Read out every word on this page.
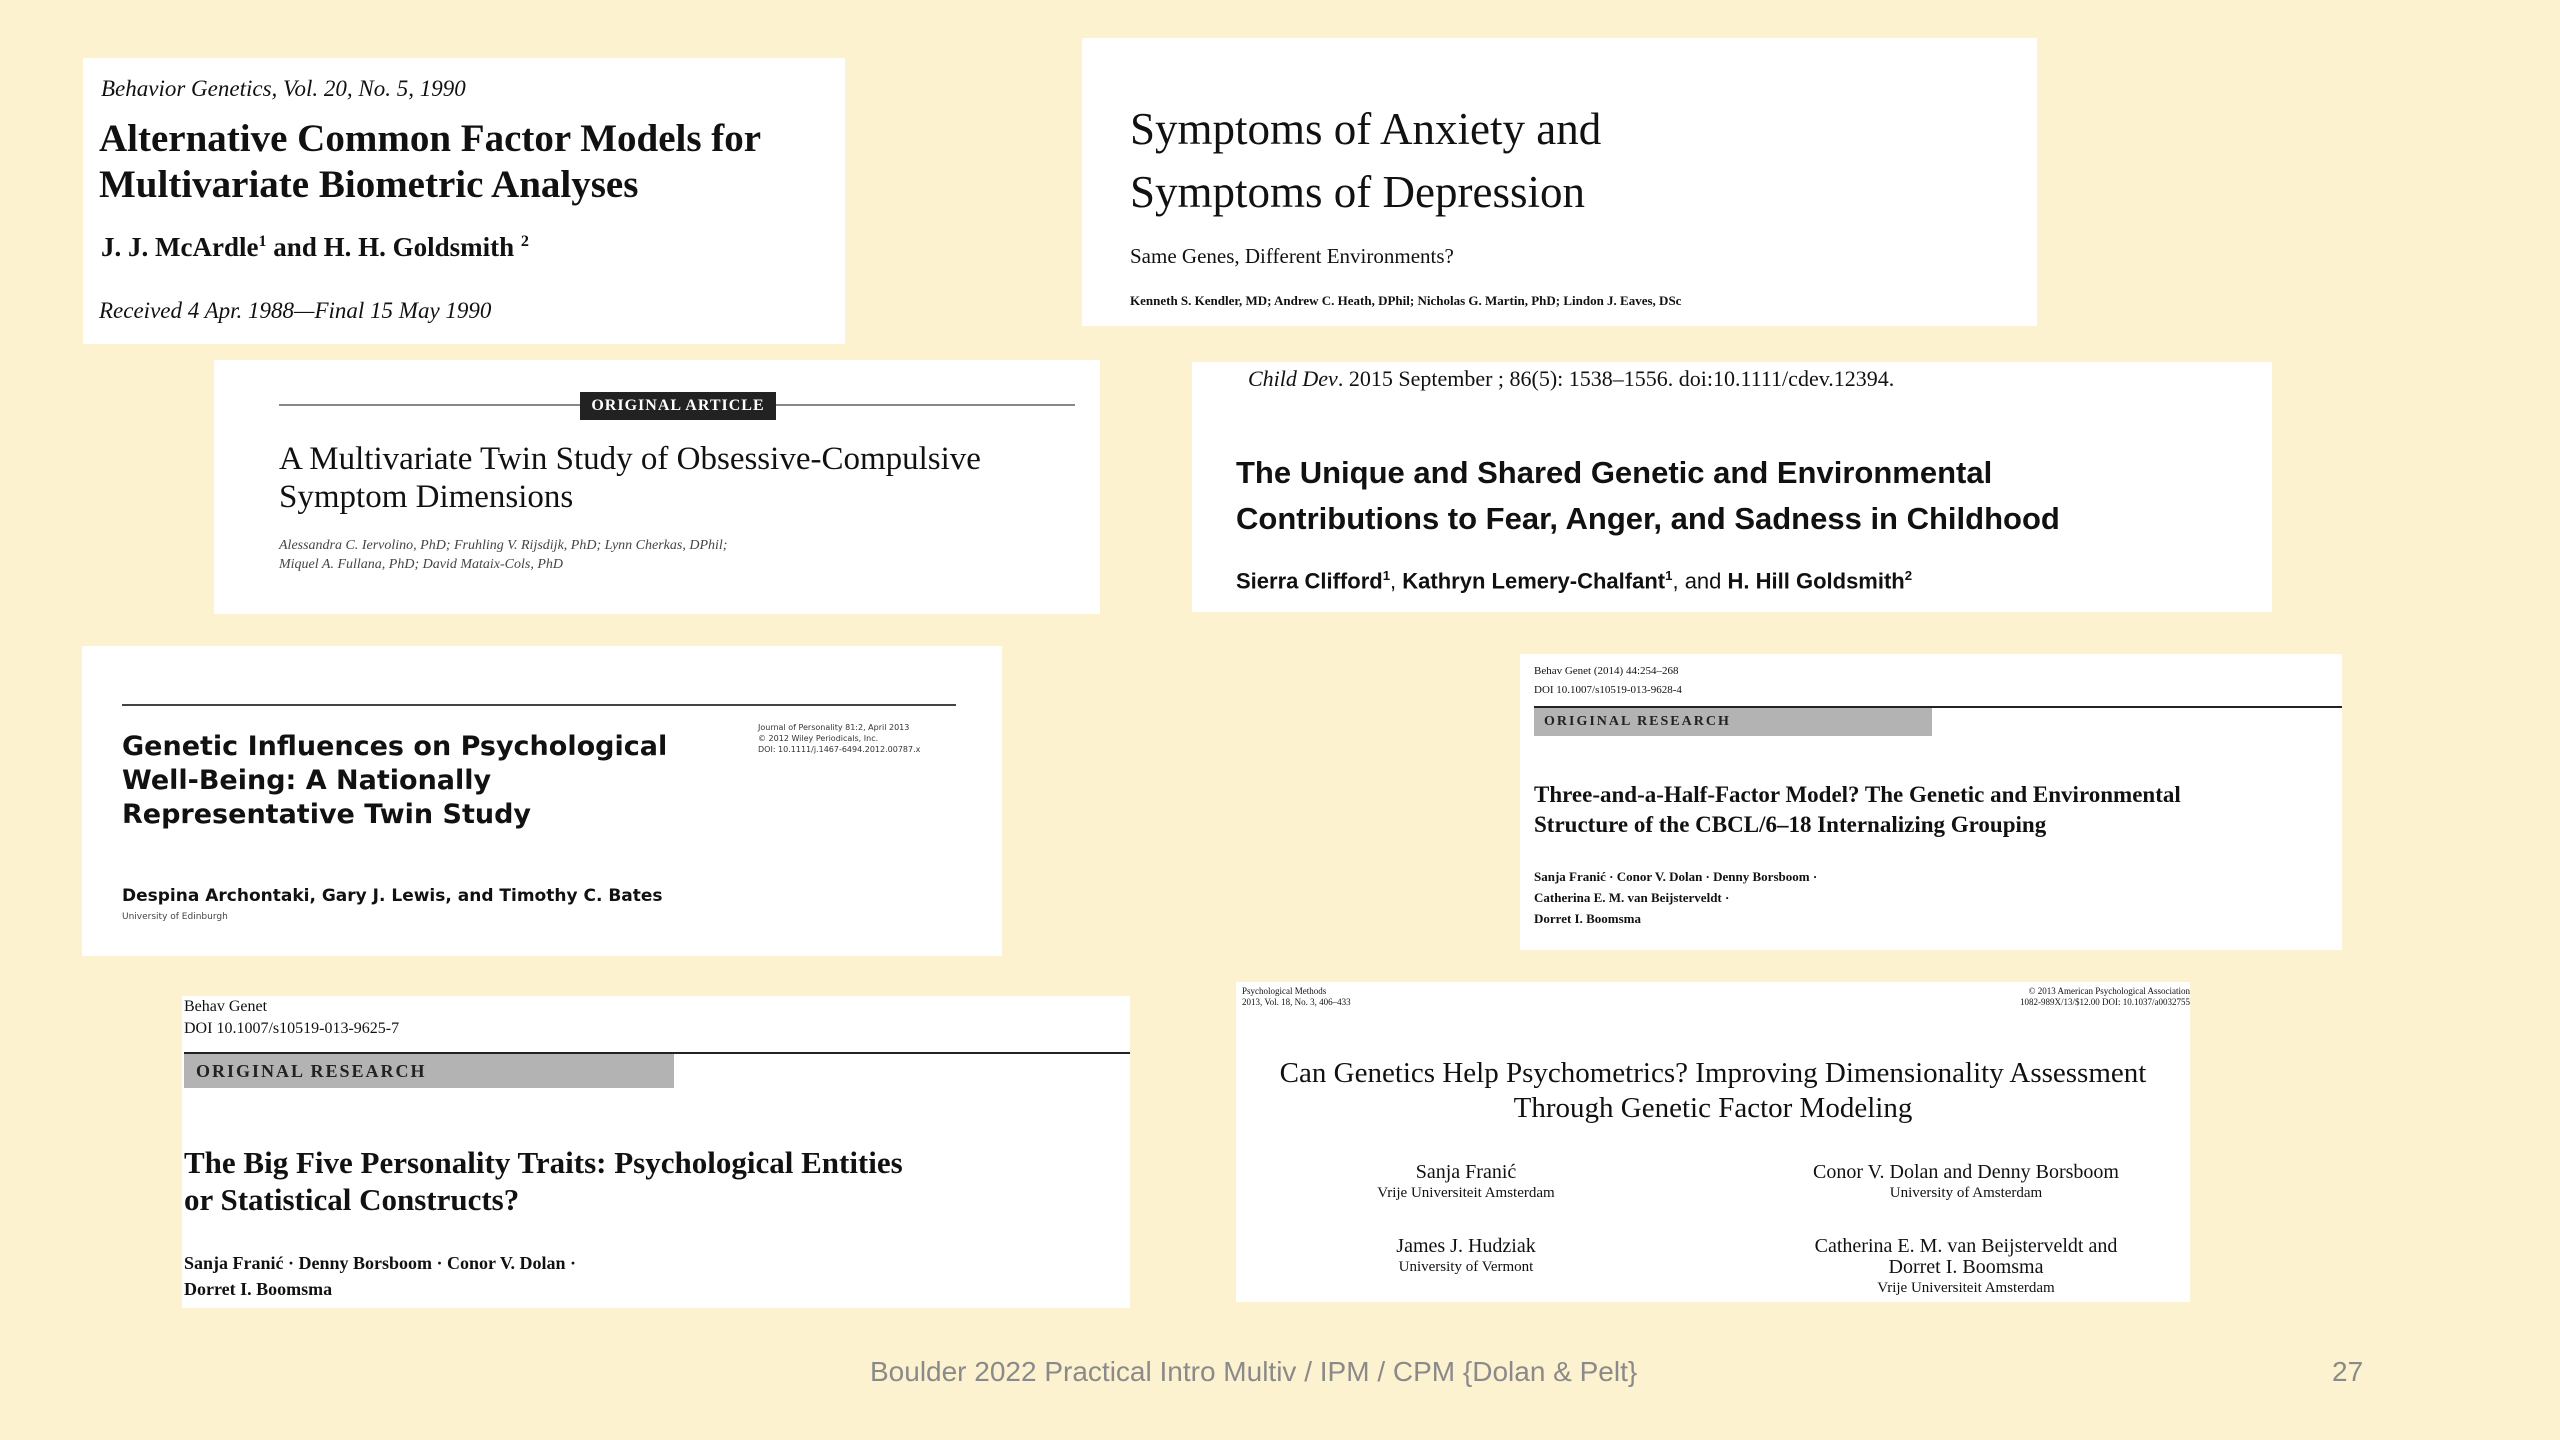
Behavior Genetics, Vol. 20, No. 5, 1990
Alternative Common Factor Models for
Multivariate Biometric Analyses
J. J. McArdle$^1$ and H. H. Goldsmith $^2$
Received 4 Apr. 1988—Final 15 May 1990
Symptoms of Anxiety and
Symptoms of Depression
Same Genes, Different Environments?
Kenneth S. Kendler, MD; Andrew C. Heath, DPhil; Nicholas G. Martin, PhD; Lindon J. Eaves, DSc
ORIGINAL ARTICLE
A Multivariate Twin Study of Obsessive-Compulsive
Symptom Dimensions
Alessandra C. Iervolino, PhD; Fruhling V. Rijsdijk, PhD; Lynn Cherkas, DPhil;
Miquel A. Fullana, PhD; David Mataix-Cols, PhD
Child Dev. 2015 September ; 86(5): 1538–1556. doi:10.1111/cdev.12394.
The Unique and Shared Genetic and Environmental
Contributions to Fear, Anger, and Sadness in Childhood
Sierra Clifford$^1$, Kathryn Lemery-Chalfant$^1$, and H. Hill Goldsmith$^2$
Journal of Personality 81:2, April 2013
© 2012 Wiley Periodicals, Inc.
DOI: 10.1111/j.1467-6494.2012.00787.x
Genetic Influences on Psychological
Well-Being: A Nationally
Representative Twin Study
Despina Archontaki, Gary J. Lewis, and Timothy C. Bates
University of Edinburgh
Behav Genet (2014) 44:254–268
DOI 10.1007/s10519-013-9628-4
ORIGINAL RESEARCH
Three-and-a-Half-Factor Model? The Genetic and Environmental
Structure of the CBCL/6–18 Internalizing Grouping
Sanja Franić · Conor V. Dolan · Denny Borsboom ·
Catherina E. M. van Beijsterveldt ·
Dorret I. Boomsma
Behav Genet
DOI 10.1007/s10519-013-9625-7
ORIGINAL RESEARCH
The Big Five Personality Traits: Psychological Entities
or Statistical Constructs?
Sanja Franić · Denny Borsboom · Conor V. Dolan ·
Dorret I. Boomsma
Psychological Methods
2013, Vol. 18, No. 3, 406–433
© 2013 American Psychological Association
1082-989X/13/$12.00 DOI: 10.1037/a0032755
Can Genetics Help Psychometrics? Improving Dimensionality Assessment
Through Genetic Factor Modeling
Sanja Franić
Vrije Universiteit Amsterdam
Conor V. Dolan and Denny Borsboom
University of Amsterdam
James J. Hudziak
University of Vermont
Catherina E. M. van Beijsterveldt and
Dorret I. Boomsma
Vrije Universiteit Amsterdam
Boulder 2022 Practical Intro Multiv / IPM / CPM {Dolan & Pelt}	27
